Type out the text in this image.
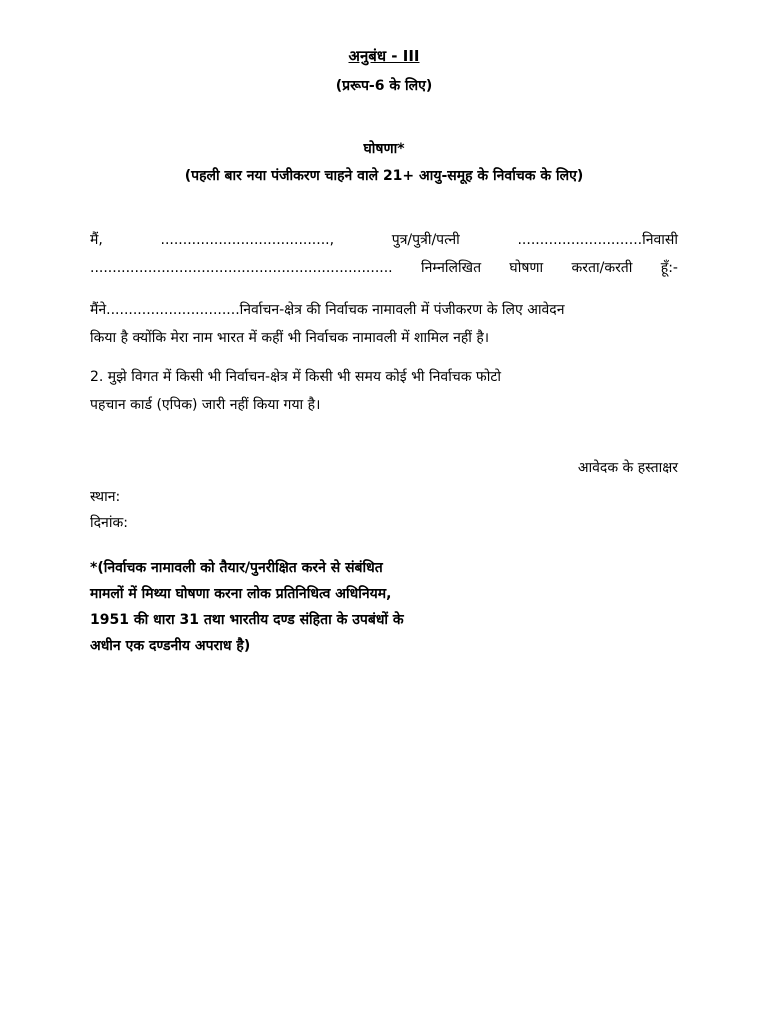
अनुबंध - III

(प्ररूप-6 के लिए)

घोषणा*

(पहली बार नया पंजीकरण चाहने वाले 21+ आयु-समूह के निर्वाचक के लिए)

मैं, ......................................, पुत्र/पुत्री/पत्नी ............................निवासी
.................................................................... निम्नलिखित घोषणा करता/करती हूँ:-
मैंने..............................निर्वाचन-क्षेत्र की निर्वाचक नामावली में पंजीकरण के लिए आवेदन
किया है क्योंकि मेरा नाम भारत में कहीं भी निर्वाचक नामावली में शामिल नहीं है।
2. मुझे विगत में किसी भी निर्वाचन-क्षेत्र में किसी भी समय कोई भी निर्वाचक फोटो
पहचान कार्ड (एपिक) जारी नहीं किया गया है।

आवेदक के हस्ताक्षर

स्थान:

दिनांक:

*(निर्वाचक नामावली को तैयार/पुनरीक्षित करने से संबंधित
मामलों में मिथ्या घोषणा करना लोक प्रतिनिधित्व अधिनियम,
1951 की धारा 31 तथा भारतीय दण्ड संहिता के उपबंधों के
अधीन एक दण्डनीय अपराध है)
